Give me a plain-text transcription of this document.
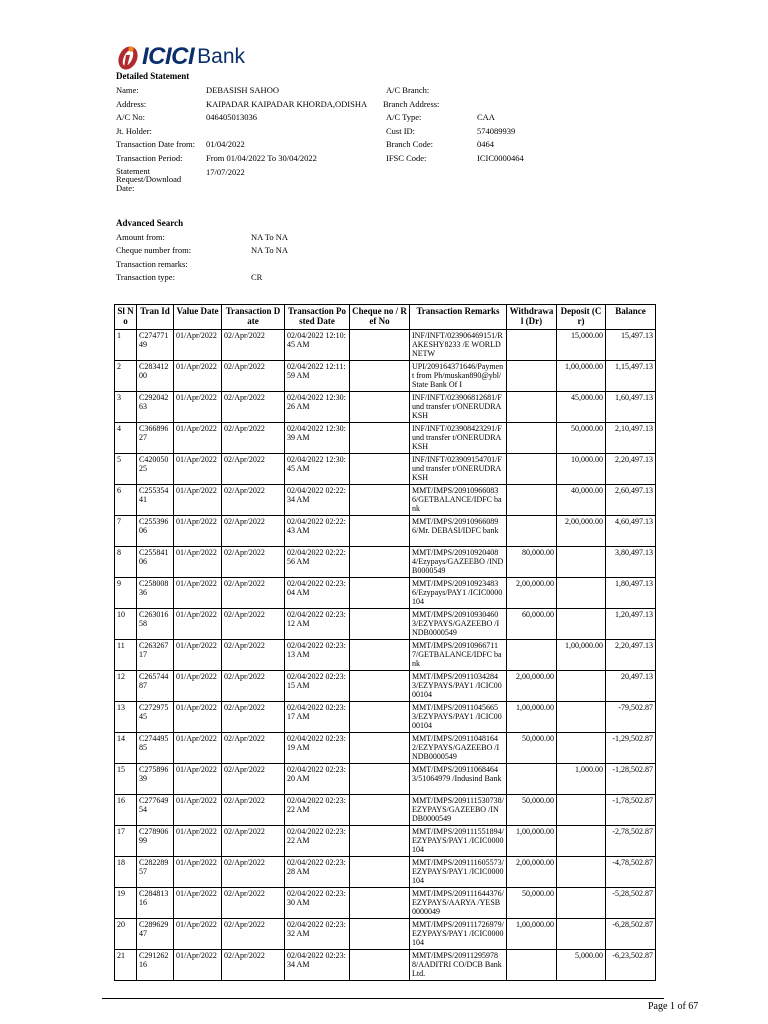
ICICI Bank
Detailed Statement
Name:	DEBASISH SAHOO	A/C Branch:
Address:	KAIPADAR KAIPADAR KHORDA,ODISHA Branch Address:
A/C No:	046405013036	A/C Type:	CAA
Jt. Holder:	Cust ID:	574089939
Transaction Date from: 01/04/2022	Branch Code:	0464
Transaction Period:	From 01/04/2022 To 30/04/2022	IFSC Code:	ICIC0000464
Statement Request/Download Date:
17/07/2022
Advanced Search
Amount from:	NA To NA
Cheque number from:	NA To NA
Transaction remarks:
Transaction type:	CR
Sl No	Tran Id	Value Date	Transaction Date	Transaction Posted Date	Cheque no / Ref No	Transaction Remarks	Withdrawal (Dr)	Deposit (Cr)	Balance
1	C27477149	01/Apr/2022	02/Apr/2022	02/04/2022 12:10:45 AM		INF/INFT/023906469151/RAKESHY8233 /E WORLD NETW		15,000.00	15,497.13
2	C28341200	01/Apr/2022	02/Apr/2022	02/04/2022 12:11:59 AM		UPI/209164371646/Payment from Ph/muskan890@ybl/State Bank Of I		1,00,000.00	1,15,497.13
3	C29204263	01/Apr/2022	02/Apr/2022	02/04/2022 12:30:26 AM		INF/INFT/023906812681/Fund transfer t/ONERUDRAKSH		45,000.00	1,60,497.13
4	C36689627	01/Apr/2022	02/Apr/2022	02/04/2022 12:30:39 AM		INF/INFT/023908423291/Fund transfer t/ONERUDRAKSH		50,000.00	2,10,497.13
5	C42005025	01/Apr/2022	02/Apr/2022	02/04/2022 12:30:45 AM		INF/INFT/023909154701/Fund transfer t/ONERUDRAKSH		10,000.00	2,20,497.13
6	C25535441	01/Apr/2022	02/Apr/2022	02/04/2022 02:22:34 AM		MMT/IMPS/209109660836/GETBALANCE/IDFC bank		40,000.00	2,60,497.13
7	C25539606	01/Apr/2022	02/Apr/2022	02/04/2022 02:22:43 AM		MMT/IMPS/209109660896/Mr. DEBASI/IDFC bank		2,00,000.00	4,60,497.13
8	C25584106	01/Apr/2022	02/Apr/2022	02/04/2022 02:22:56 AM		MMT/IMPS/209109204084/Ezypays/GAZEEBO /INDB0000549	80,000.00		3,80,497.13
9	C25800836	01/Apr/2022	02/Apr/2022	02/04/2022 02:23:04 AM		MMT/IMPS/209109234836/Ezypays/PAY1 /ICIC0000104	2,00,000.00		1,80,497.13
10	C26301658	01/Apr/2022	02/Apr/2022	02/04/2022 02:23:12 AM		MMT/IMPS/209109304603/EZYPAYS/GAZEEBO /INDB0000549	60,000.00		1,20,497.13
11	C26326717	01/Apr/2022	02/Apr/2022	02/04/2022 02:23:13 AM		MMT/IMPS/209109667117/GETBALANCE/IDFC bank		1,00,000.00	2,20,497.13
12	C26574487	01/Apr/2022	02/Apr/2022	02/04/2022 02:23:15 AM		MMT/IMPS/209110342843/EZYPAYS/PAY1 /ICIC0000104	2,00,000.00		20,497.13
13	C27297545	01/Apr/2022	02/Apr/2022	02/04/2022 02:23:17 AM		MMT/IMPS/209110456653/EZYPAYS/PAY1 /ICIC0000104	1,00,000.00		-79,502.87
14	C27449585	01/Apr/2022	02/Apr/2022	02/04/2022 02:23:19 AM		MMT/IMPS/209110481642/EZYPAYS/GAZEEBO /INDB0000549	50,000.00		-1,29,502.87
15	C27589639	01/Apr/2022	02/Apr/2022	02/04/2022 02:23:20 AM		MMT/IMPS/209110684643/51064979 /Indusind Bank		1,000.00	-1,28,502.87
16	C27764954	01/Apr/2022	02/Apr/2022	02/04/2022 02:23:22 AM		MMT/IMPS/209111530738/EZYPAYS/GAZEEBO /INDB0000549	50,000.00		-1,78,502.87
17	C27890699	01/Apr/2022	02/Apr/2022	02/04/2022 02:23:22 AM		MMT/IMPS/209111551894/EZYPAYS/PAY1 /ICIC0000104	1,00,000.00		-2,78,502.87
18	C28228957	01/Apr/2022	02/Apr/2022	02/04/2022 02:23:28 AM		MMT/IMPS/209111605573/EZYPAYS/PAY1 /ICIC0000104	2,00,000.00		-4,78,502.87
19	C28481316	01/Apr/2022	02/Apr/2022	02/04/2022 02:23:30 AM		MMT/IMPS/209111644376/EZYPAYS/AARYA /YESB0000049	50,000.00		-5,28,502.87
20	C28962947	01/Apr/2022	02/Apr/2022	02/04/2022 02:23:32 AM		MMT/IMPS/209111726979/EZYPAYS/PAY1 /ICIC0000104	1,00,000.00		-6,28,502.87
21	C29126216	01/Apr/2022	02/Apr/2022	02/04/2022 02:23:34 AM		MMT/IMPS/209112959788/AADITRI CO/DCB Bank Ltd.		5,000.00	-6,23,502.87
Page 1 of 67
